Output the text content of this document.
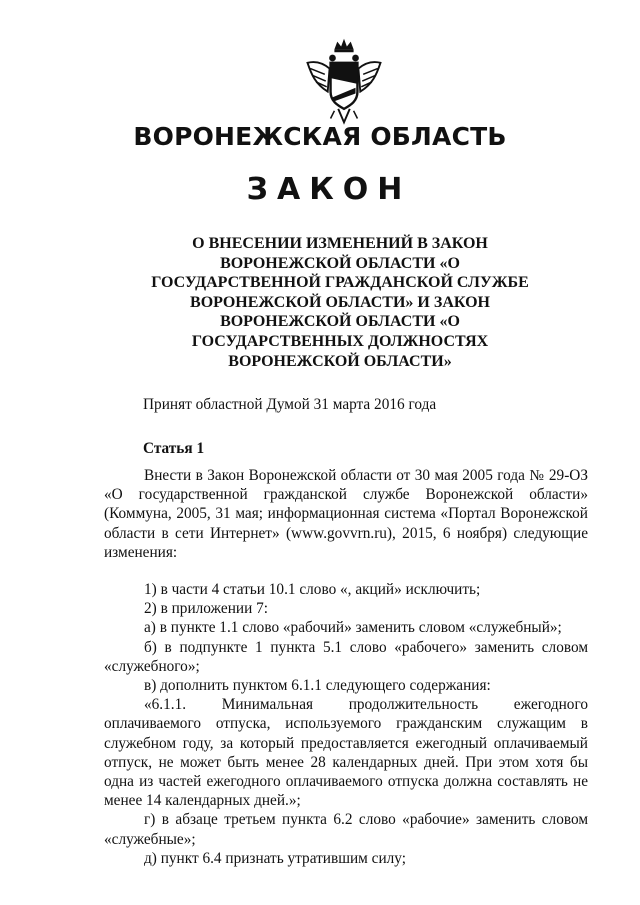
ВОРОНЕЖСКАЯ ОБЛАСТЬ
ЗАКОН
О ВНЕСЕНИИ ИЗМЕНЕНИЙ В ЗАКОН
ВОРОНЕЖСКОЙ ОБЛАСТИ «О
ГОСУДАРСТВЕННОЙ ГРАЖДАНСКОЙ СЛУЖБЕ
ВОРОНЕЖСКОЙ ОБЛАСТИ» И ЗАКОН
ВОРОНЕЖСКОЙ ОБЛАСТИ «О
ГОСУДАРСТВЕННЫХ ДОЛЖНОСТЯХ
ВОРОНЕЖСКОЙ ОБЛАСТИ»
Принят областной Думой 31 марта 2016 года
Статья 1

Внести в Закон Воронежской области от 30 мая 2005 года № 29-ОЗ «О государственной гражданской службе Воронежской области» (Коммуна, 2005, 31 мая; информационная система «Портал Воронежской области в сети Интернет» (www.govvrn.ru), 2015, 6 ноября) следующие изменения:

1) в части 4 статьи 10.1 слово «, акций» исключить;

2) в приложении 7:

а) в пункте 1.1 слово «рабочий» заменить словом «служебный»;

б) в подпункте 1 пункта 5.1 слово «рабочего» заменить словом «служебного»;

в) дополнить пунктом 6.1.1 следующего содержания:

«6.1.1. Минимальная продолжительность ежегодного оплачиваемого отпуска, используемого гражданским служащим в служебном году, за который предоставляется ежегодный оплачиваемый отпуск, не может быть менее 28 календарных дней. При этом хотя бы одна из частей ежегодного оплачиваемого отпуска должна составлять не менее 14 календарных дней.»;

г) в абзаце третьем пункта 6.2 слово «рабочие» заменить словом «служебные»;

д) пункт 6.4 признать утратившим силу;
